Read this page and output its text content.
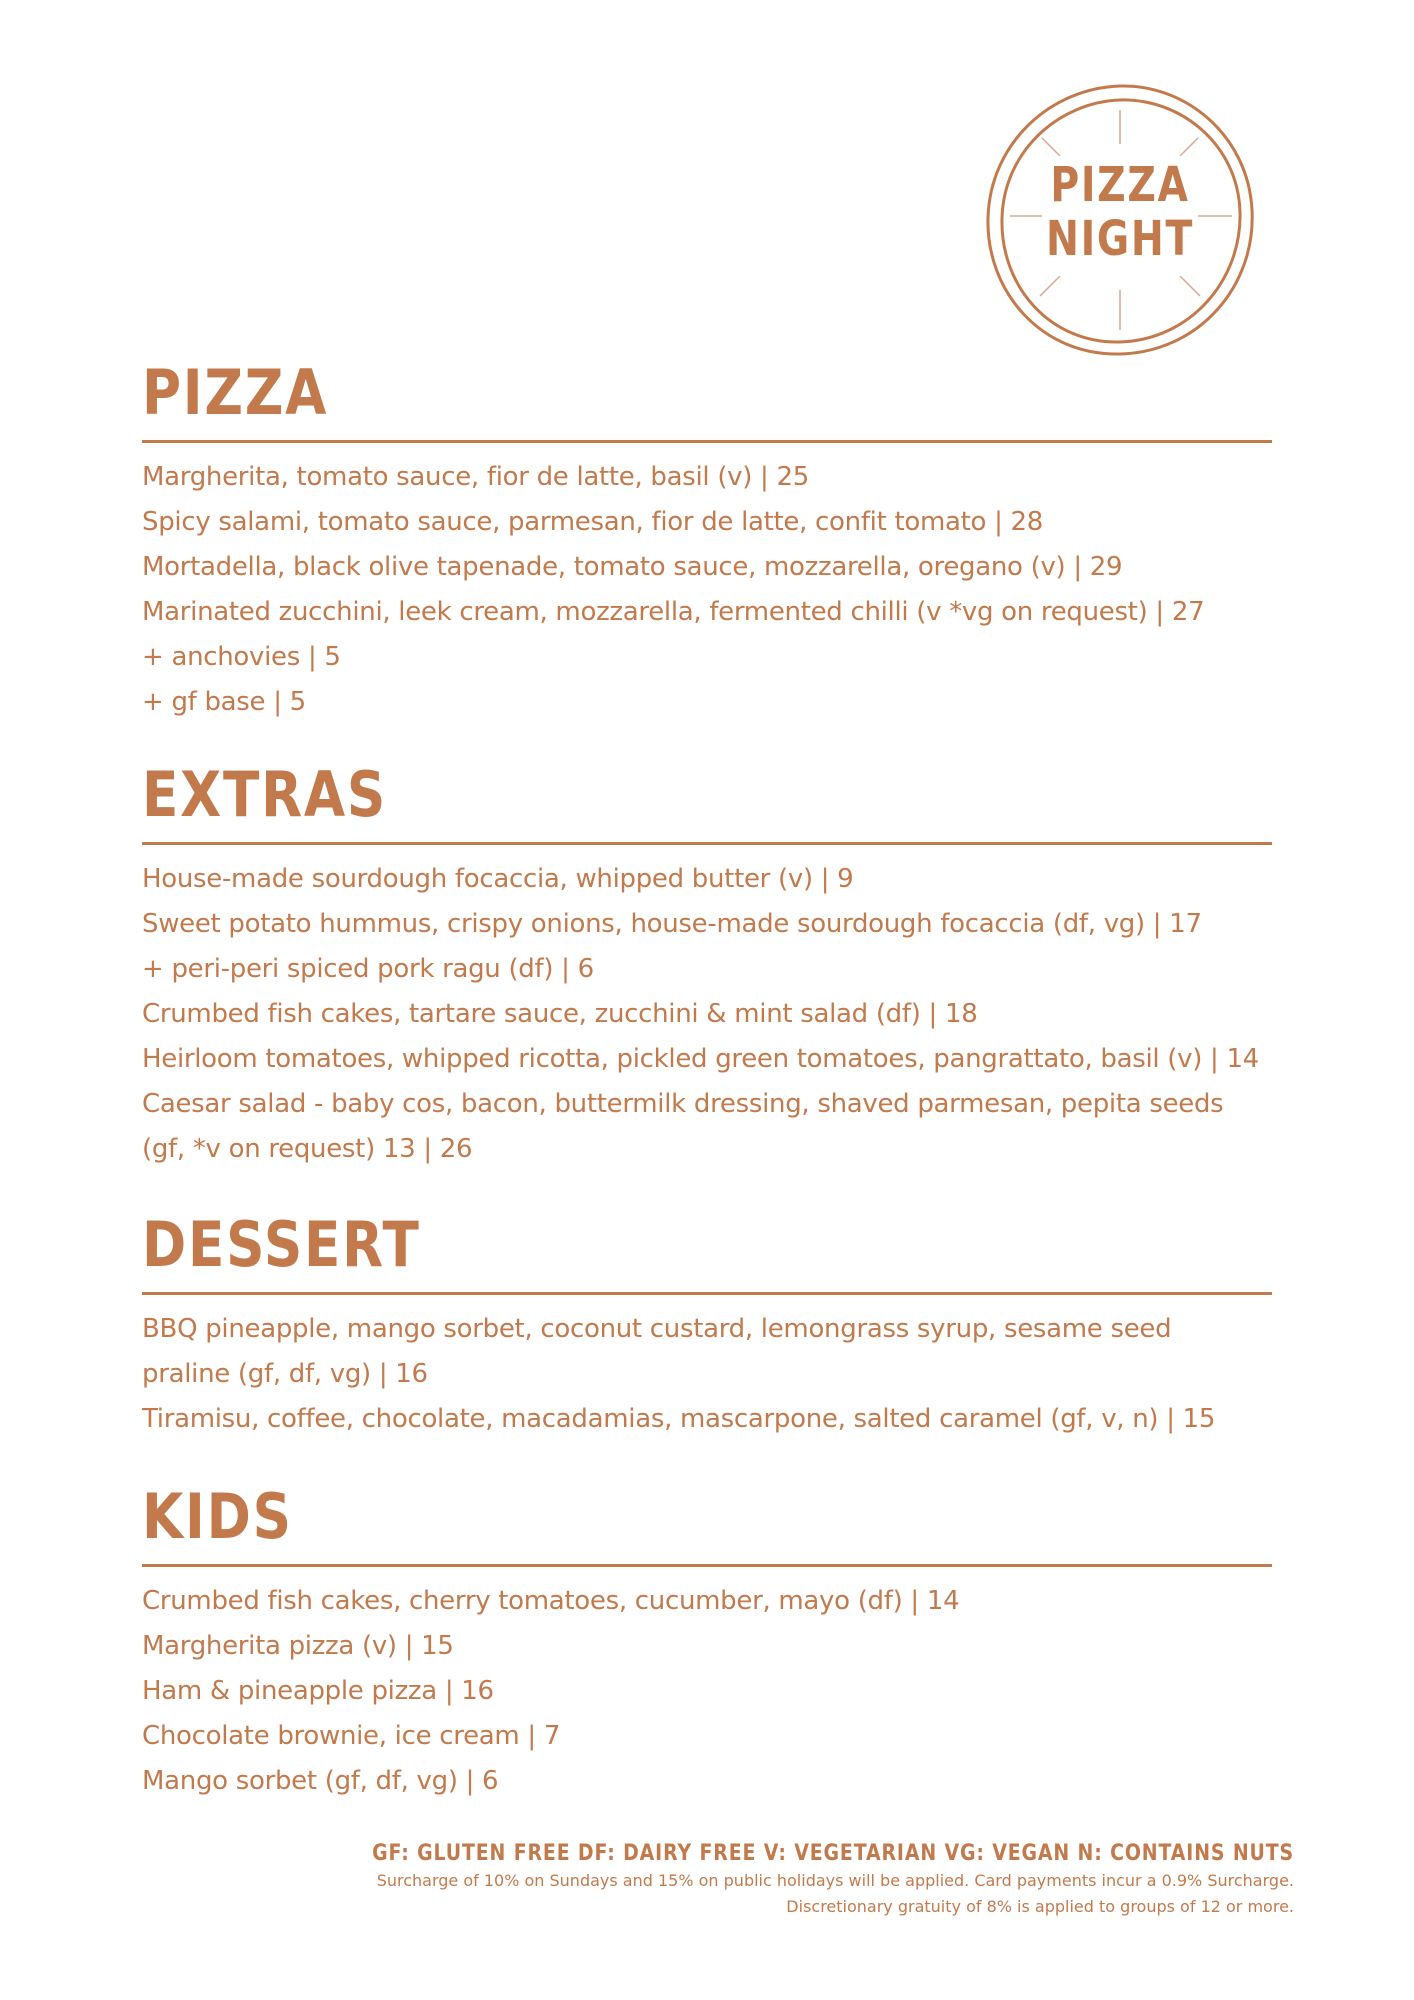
PIZZA
NIGHT
PIZZA
Margherita, tomato sauce, fior de latte, basil (v) | 25
Spicy salami, tomato sauce, parmesan, fior de latte, confit tomato | 28
Mortadella, black olive tapenade, tomato sauce, mozzarella, oregano (v) | 29
Marinated zucchini, leek cream, mozzarella, fermented chilli (v *vg on request) | 27
+ anchovies | 5
+ gf base | 5
EXTRAS
House-made sourdough focaccia, whipped butter (v) | 9
Sweet potato hummus, crispy onions, house-made sourdough focaccia (df, vg) | 17
+ peri-peri spiced pork ragu (df) | 6
Crumbed fish cakes, tartare sauce, zucchini & mint salad (df) | 18
Heirloom tomatoes, whipped ricotta, pickled green tomatoes, pangrattato, basil (v) | 14
Caesar salad - baby cos, bacon, buttermilk dressing, shaved parmesan, pepita seeds
(gf, *v on request) 13 | 26
DESSERT
BBQ pineapple, mango sorbet, coconut custard, lemongrass syrup, sesame seed
praline (gf, df, vg) | 16
Tiramisu, coffee, chocolate, macadamias, mascarpone, salted caramel (gf, v, n) | 15
KIDS
Crumbed fish cakes, cherry tomatoes, cucumber, mayo (df) | 14
Margherita pizza (v) | 15
Ham & pineapple pizza | 16
Chocolate brownie, ice cream | 7
Mango sorbet (gf, df, vg) | 6
GF: GLUTEN FREE DF: DAIRY FREE V: VEGETARIAN VG: VEGAN N: CONTAINS NUTS
Surcharge of 10% on Sundays and 15% on public holidays will be applied. Card payments incur a 0.9% Surcharge.
Discretionary gratuity of 8% is applied to groups of 12 or more.
